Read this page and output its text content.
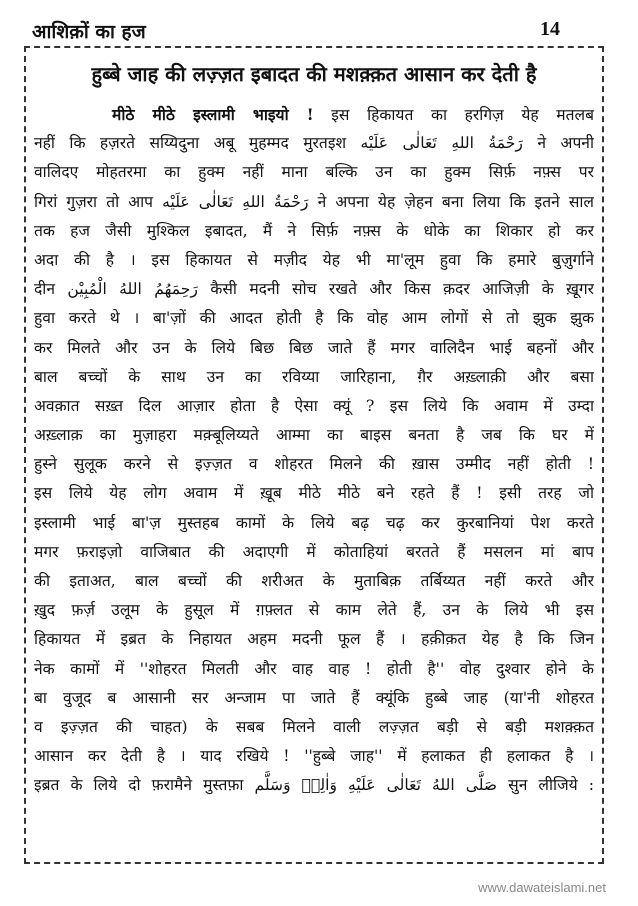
आशिक़ों का हज	14
हुब्बे जाह की लज़्ज़त इबादत की मशक़्क़त आसान कर देती है
मीठे मीठे इस्लामी भाइयो ! इस हिकायत का हरगिज़ येह मतलब
नहीं कि हज़रते सय्यिदुना अबू मुहम्मद मुरतइश رَحْمَةُ اللهِ تَعَالٰى عَلَيْه ने अपनी
वालिदए मोहतरमा का हुक्म नहीं माना बल्कि उन का हुक्म सिर्फ़ नफ़्स पर
गिरां गुज़रा तो आप رَحْمَةُ اللهِ تَعَالٰى عَلَيْه ने अपना येह ज़ेहन बना लिया कि इतने साल
तक हज जैसी मुश्किल इबादत, मैं ने सिर्फ़ नफ़्स के धोके का शिकार हो कर
अदा की है । इस हिकायत से मज़ीद येह भी मा'लूम हुवा कि हमारे बुज़ुर्गाने
दीन رَحِمَهُمُ اللهُ الْمُبِيْن कैसी मदनी सोच रखते और किस क़दर आजिज़ी के ख़ूगर
हुवा करते थे । बा'ज़ों की आदत होती है कि वोह आम लोगों से तो झुक झुक
कर मिलते और उन के लिये बिछ बिछ जाते हैं मगर वालिदैन भाई बहनों और
बाल बच्चों के साथ उन का रविय्या जारिहाना, ग़ैर अख़्लाक़ी और बसा
अवक़ात सख़्त दिल आज़ार होता है ऐसा क्यूं ? इस लिये कि अवाम में उम्दा
अख़्लाक़ का मुज़ाहरा मक़्बूलिय्यते आम्मा का बाइस बनता है जब कि घर में
हुस्ने सुलूक करने से इज़्ज़त व शोहरत मिलने की ख़ास उम्मीद नहीं होती !
इस लिये येह लोग अवाम में ख़ूब मीठे मीठे बने रहते हैं ! इसी तरह जो
इस्लामी भाई बा'ज़ मुस्तहब कामों के लिये बढ़ चढ़ कर कुरबानियां पेश करते
मगर फ़राइज़ो वाजिबात की अदाएगी में कोताहियां बरतते हैं मसलन मां बाप
की इताअत, बाल बच्चों की शरीअत के मुताबिक़ तर्बिय्यत नहीं करते और
ख़ुद फ़र्ज़ उलूम के हुसूल में ग़फ़्लत से काम लेते हैं, उन के लिये भी इस
हिकायत में इब्रत के निहायत अहम मदनी फूल हैं । हक़ीक़त येह है कि जिन
नेक कामों में ''शोहरत मिलती और वाह वाह ! होती है'' वोह दुश्वार होने के
बा वुजूद ब आसानी सर अन्जाम पा जाते हैं क्यूंकि हुब्बे जाह (या'नी शोहरत
व इज़्ज़त की चाहत) के सबब मिलने वाली लज़्ज़त बड़ी से बड़ी मशक़्क़त
आसान कर देती है । याद रखिये ! ''हुब्बे जाह'' में हलाकत ही हलाकत है ।
इब्रत के लिये दो फ़रामैने मुस्तफ़ा صَلَّى اللهُ تَعَالٰى عَلَيْهِ وَاٰلِهٖ وَسَلَّم सुन लीजिये :
www.dawateislami.net
